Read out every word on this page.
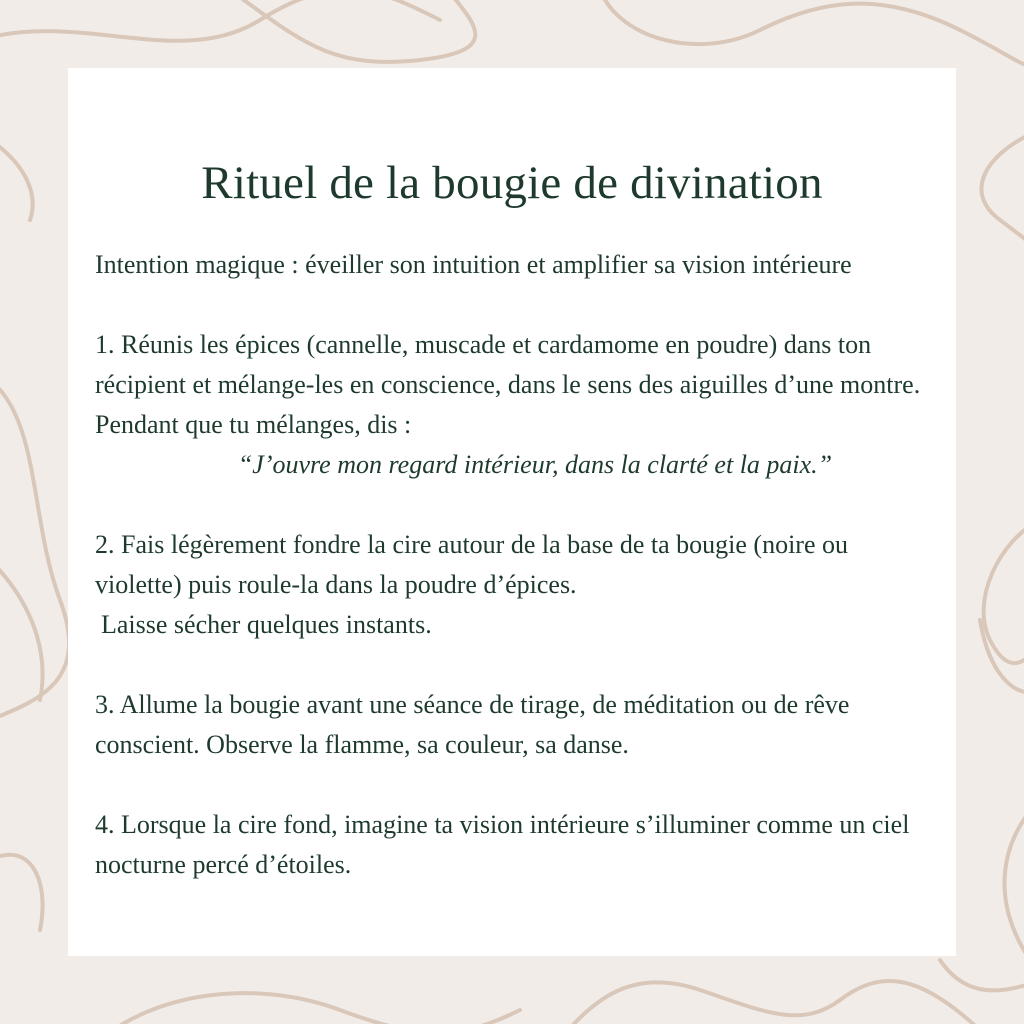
Rituel de la bougie de divination

Intention magique : éveiller son intuition et amplifier sa vision intérieure

1. Réunis les épices (cannelle, muscade et cardamome en poudre) dans ton récipient et mélange-les en conscience, dans le sens des aiguilles d’une montre. Pendant que tu mélanges, dis :

“J’ouvre mon regard intérieur, dans la clarté et la paix.”

2. Fais légèrement fondre la cire autour de la base de ta bougie (noire ou violette) puis roule-la dans la poudre d’épices.

Laisse sécher quelques instants.

3. Allume la bougie avant une séance de tirage, de méditation ou de rêve conscient. Observe la flamme, sa couleur, sa danse.

4. Lorsque la cire fond, imagine ta vision intérieure s’illuminer comme un ciel nocturne percé d’étoiles.
